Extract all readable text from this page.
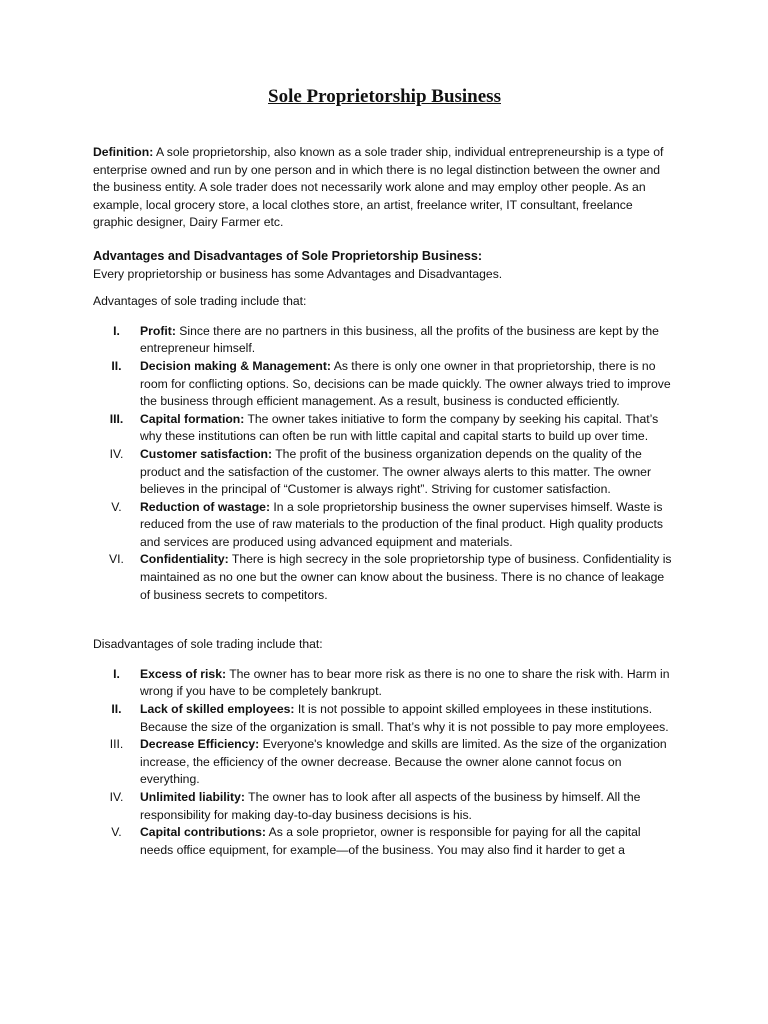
Sole Proprietorship Business

Definition: A sole proprietorship, also known as a sole trader ship, individual entrepreneurship is a type of enterprise owned and run by one person and in which there is no legal distinction between the owner and the business entity. A sole trader does not necessarily work alone and may employ other people. As an example, local grocery store, a local clothes store, an artist, freelance writer, IT consultant, freelance graphic designer, Dairy Farmer etc.

Advantages and Disadvantages of Sole Proprietorship Business:

Every proprietorship or business has some Advantages and Disadvantages.

Advantages of sole trading include that:

I.	Profit: Since there are no partners in this business, all the profits of the business are kept by the entrepreneur himself.
II.	Decision making & Management: As there is only one owner in that proprietorship, there is no room for conflicting options. So, decisions can be made quickly. The owner always tried to improve the business through efficient management. As a result, business is conducted efficiently.
III.	Capital formation: The owner takes initiative to form the company by seeking his capital. That’s why these institutions can often be run with little capital and capital starts to build up over time.
IV.	Customer satisfaction: The profit of the business organization depends on the quality of the product and the satisfaction of the customer. The owner always alerts to this matter. The owner believes in the principal of “Customer is always right”. Striving for customer satisfaction.
V.	Reduction of wastage: In a sole proprietorship business the owner supervises himself. Waste is reduced from the use of raw materials to the production of the final product. High quality products and services are produced using advanced equipment and materials.
VI.	Confidentiality: There is high secrecy in the sole proprietorship type of business. Confidentiality is maintained as no one but the owner can know about the business. There is no chance of leakage of business secrets to competitors.

Disadvantages of sole trading include that:

I.	Excess of risk: The owner has to bear more risk as there is no one to share the risk with. Harm in wrong if you have to be completely bankrupt.
II.	Lack of skilled employees: It is not possible to appoint skilled employees in these institutions. Because the size of the organization is small. That’s why it is not possible to pay more employees.
III.	Decrease Efficiency: Everyone's knowledge and skills are limited. As the size of the organization increase, the efficiency of the owner decrease. Because the owner alone cannot focus on everything.
IV.	Unlimited liability: The owner has to look after all aspects of the business by himself. All the responsibility for making day-to-day business decisions is his.
V.	Capital contributions: As a sole proprietor, owner is responsible for paying for all the capital needs office equipment, for example—of the business. You may also find it harder to get a
